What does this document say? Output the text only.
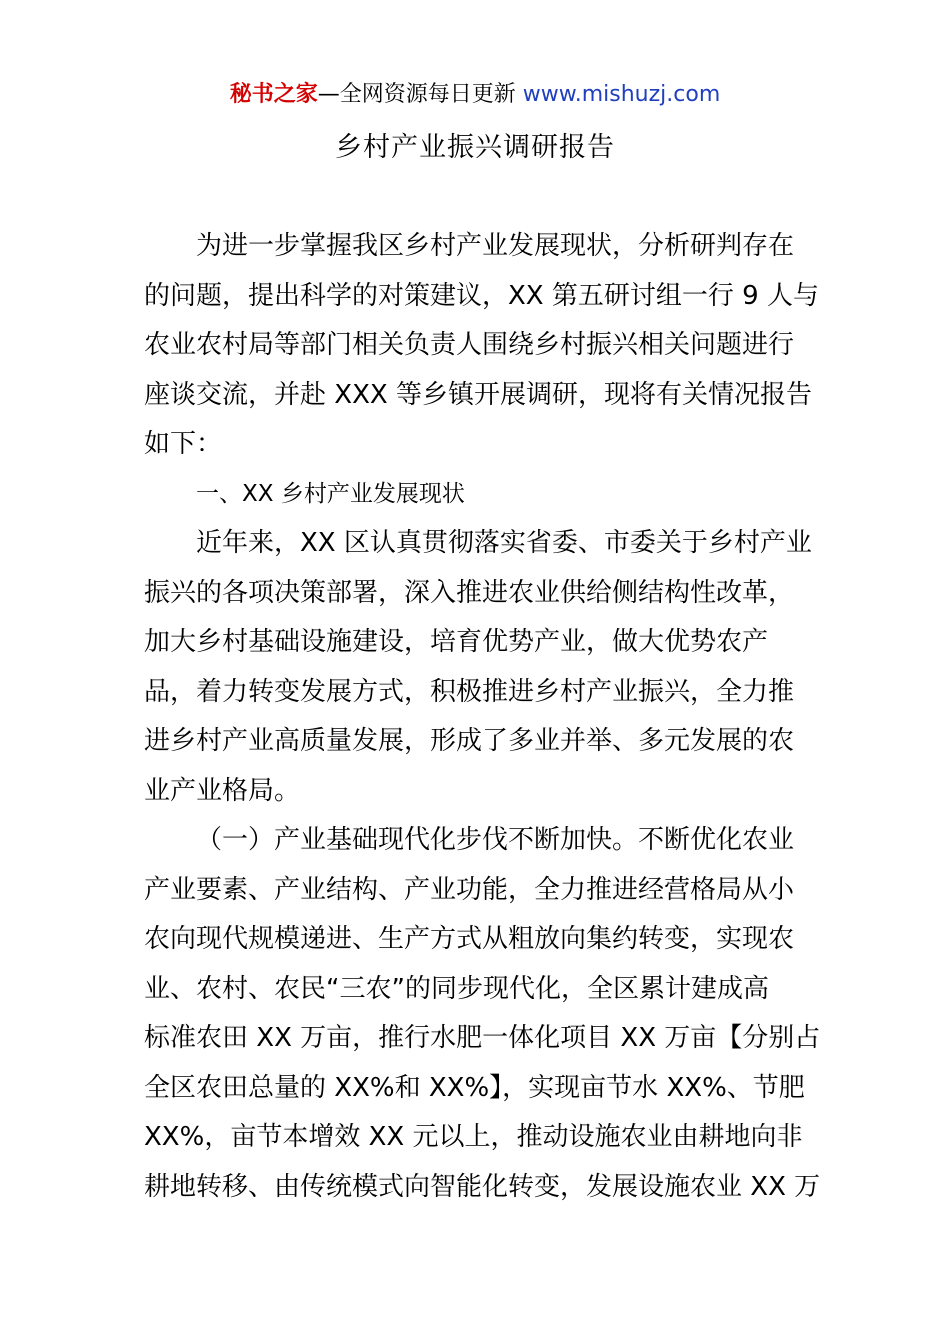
秘书之家—全网资源每日更新 www.mishuzj.com
乡村产业振兴调研报告
为进一步掌握我区乡村产业发展现状，分析研判存在
的问题，提出科学的对策建议，XX 第五研讨组一行 9 人与
农业农村局等部门相关负责人围绕乡村振兴相关问题进行
座谈交流，并赴 XXX 等乡镇开展调研，现将有关情况报告
如下：
一、XX 乡村产业发展现状
近年来，XX 区认真贯彻落实省委、市委关于乡村产业
振兴的各项决策部署，深入推进农业供给侧结构性改革，
加大乡村基础设施建设，培育优势产业，做大优势农产
品，着力转变发展方式，积极推进乡村产业振兴，全力推
进乡村产业高质量发展，形成了多业并举、多元发展的农
业产业格局。
（一）产业基础现代化步伐不断加快。不断优化农业
产业要素、产业结构、产业功能，全力推进经营格局从小
农向现代规模递进、生产方式从粗放向集约转变，实现农
业、农村、农民“三农”的同步现代化，全区累计建成高
标准农田 XX 万亩，推行水肥一体化项目 XX 万亩【分别占
全区农田总量的 XX%和 XX%】，实现亩节水 XX%、节肥
XX%，亩节本增效 XX 元以上，推动设施农业由耕地向非
耕地转移、由传统模式向智能化转变，发展设施农业 XX 万
